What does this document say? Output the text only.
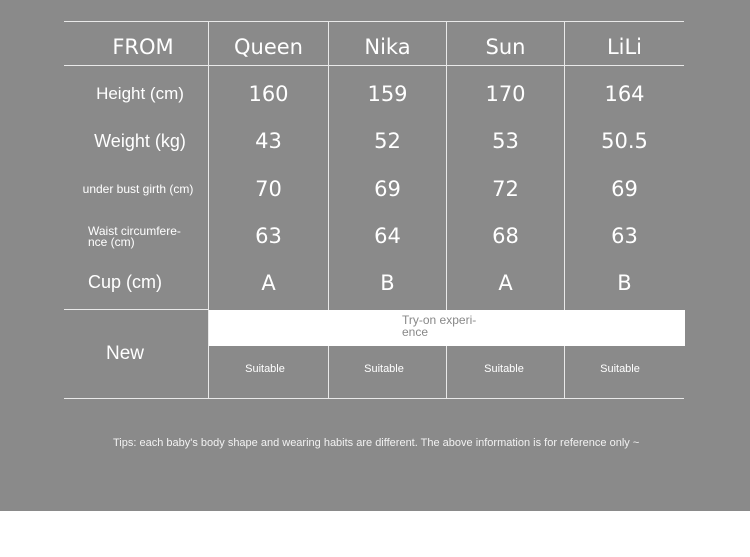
FROM	Queen	Nika	Sun	LiLi
Height (cm)	160	159	170	164
Weight (kg)	43	52	53	50.5
under bust girth (cm)	70	69	72	69
Waist circumfere-
nce (cm)	63	64	68	63
Cup (cm)	A	B	A	B
New
Try-on experi-
ence
Suitable	Suitable	Suitable	Suitable
Tips: each baby's body shape and wearing habits are different. The above information is for reference only ~
